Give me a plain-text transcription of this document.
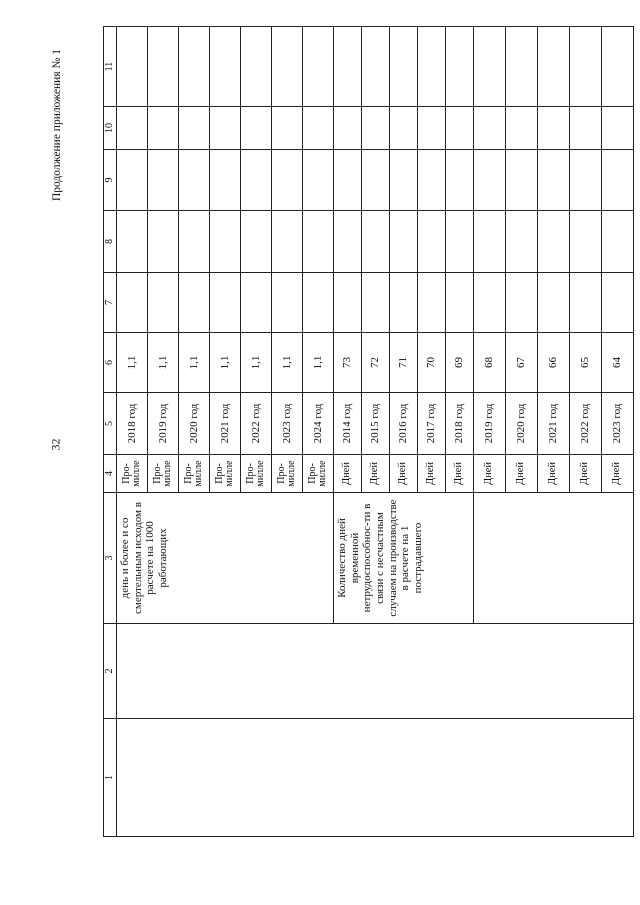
32
Продолжение приложения № 1
1	2	3	4	5	6	7	8	9	10	11
		день и более и со смертельным исходом в расчете на 1000 работающих	Про-милле	2018 год	1,1					
			Про-милле	2019 год	1,1					
			Про-милле	2020 год	1,1					
			Про-милле	2021 год	1,1					
			Про-милле	2022 год	1,1					
			Про-милле	2023 год	1,1					
			Про-милле	2024 год	1,1					
		Количество дней временной нетрудоспособнос-ти в связи с несчастным случаем на производстве в расчете на 1 пострадавшего	Дней	2014 год	73					
			Дней	2015 год	72					
			Дней	2016 год	71					
			Дней	2017 год	70					
			Дней	2018 год	69					
			Дней	2019 год	68					
			Дней	2020 год	67					
			Дней	2021 год	66					
			Дней	2022 год	65					
			Дней	2023 год	64					
